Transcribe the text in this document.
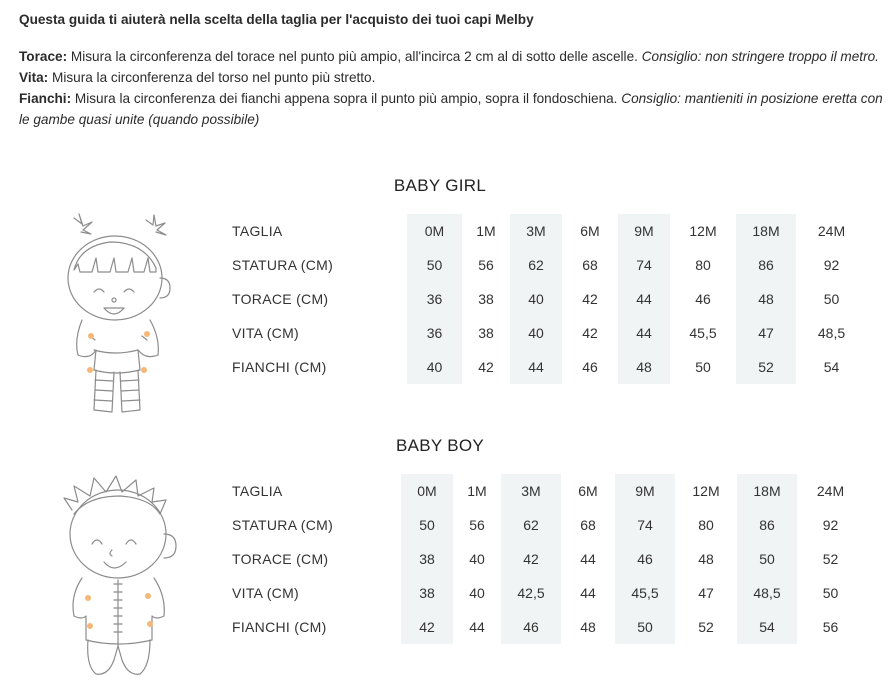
Questa guida ti aiuterà nella scelta della taglia per l'acquisto dei tuoi capi Melby

Torace: Misura la circonferenza del torace nel punto più ampio, all'incirca 2 cm al di sotto delle ascelle. Consiglio: non stringere troppo il metro.

Vita: Misura la circonferenza del torso nel punto più stretto.

Fianchi: Misura la circonferenza dei fianchi appena sopra il punto più ampio, sopra il fondoschiena. Consiglio: mantieniti in posizione eretta con le gambe quasi unite (quando possibile)

BABY GIRL
TAGLIA	0M	1M	3M	6M	9M	12M	18M	24M
STATURA (CM)	50	56	62	68	74	80	86	92
TORACE (CM)	36	38	40	42	44	46	48	50
VITA (CM)	36	38	40	42	44	45,5	47	48,5
FIANCHI (CM)	40	42	44	46	48	50	52	54
BABY BOY
TAGLIA	0M	1M	3M	6M	9M	12M	18M	24M
STATURA (CM)	50	56	62	68	74	80	86	92
TORACE (CM)	38	40	42	44	46	48	50	52
VITA (CM)	38	40	42,5	44	45,5	47	48,5	50
FIANCHI (CM)	42	44	46	48	50	52	54	56
